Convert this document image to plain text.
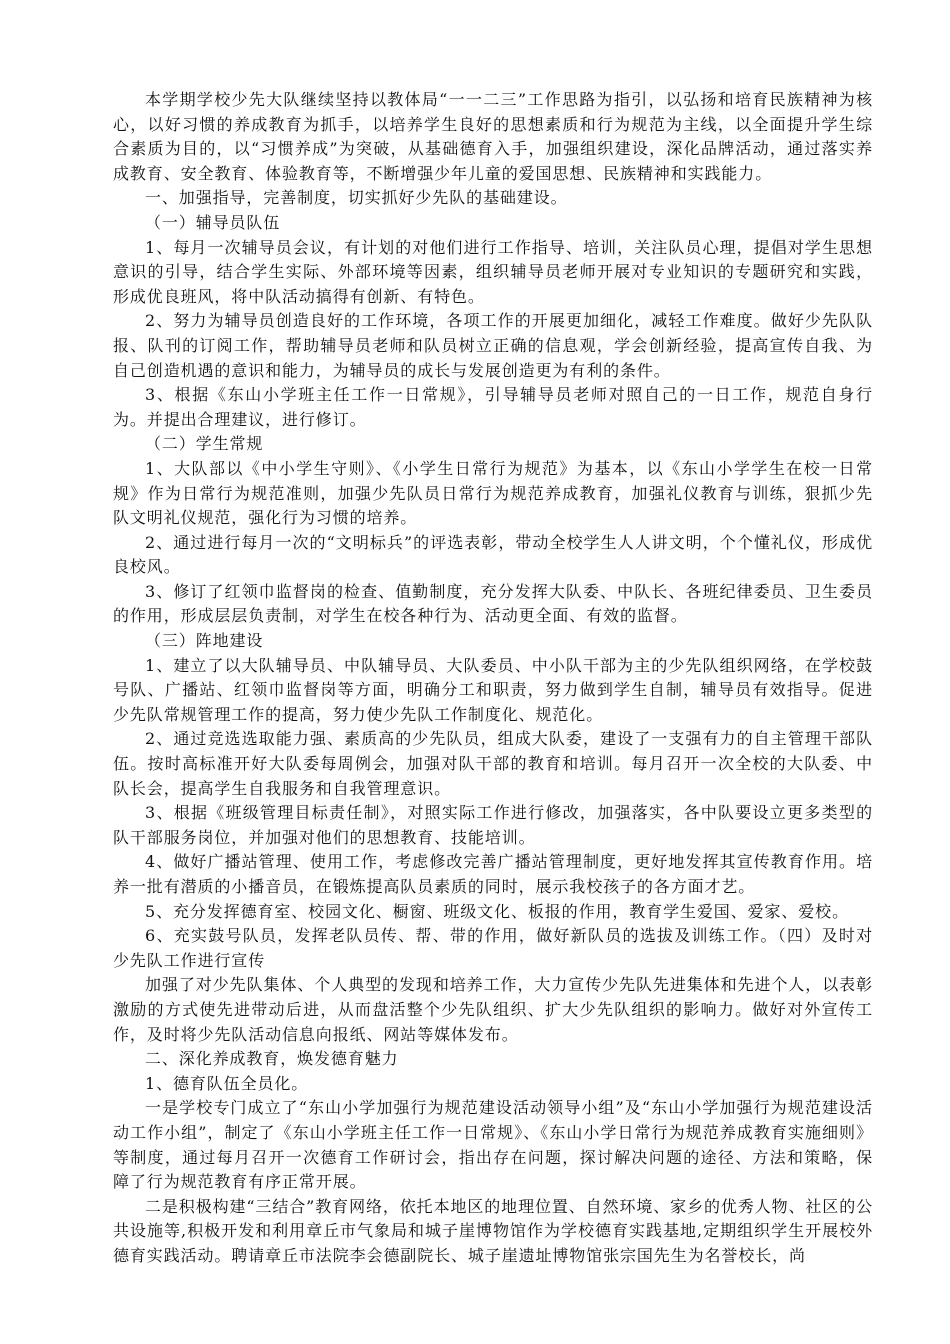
本学期学校少先大队继续坚持以教体局“一一二三”工作思路为指引，以弘扬和培育民族精神为核心，以好习惯的养成教育为抓手，以培养学生良好的思想素质和行为规范为主线，以全面提升学生综合素质为目的，以“习惯养成”为突破，从基础德育入手，加强组织建设，深化品牌活动，通过落实养成教育、安全教育、体验教育等，不断增强少年儿童的爱国思想、民族精神和实践能力。

一、加强指导，完善制度，切实抓好少先队的基础建设。

（一）辅导员队伍

1、每月一次辅导员会议，有计划的对他们进行工作指导、培训，关注队员心理，提倡对学生思想意识的引导，结合学生实际、外部环境等因素，组织辅导员老师开展对专业知识的专题研究和实践，形成优良班风，将中队活动搞得有创新、有特色。

2、努力为辅导员创造良好的工作环境，各项工作的开展更加细化，减轻工作难度。做好少先队队报、队刊的订阅工作，帮助辅导员老师和队员树立正确的信息观，学会创新经验，提高宣传自我、为自己创造机遇的意识和能力，为辅导员的成长与发展创造更为有利的条件。

3、根据《东山小学班主任工作一日常规》，引导辅导员老师对照自己的一日工作，规范自身行为。并提出合理建议，进行修订。

（二）学生常规

1、大队部以《中小学生守则》、《小学生日常行为规范》为基本，以《东山小学学生在校一日常规》作为日常行为规范准则，加强少先队员日常行为规范养成教育，加强礼仪教育与训练，狠抓少先队文明礼仪规范，强化行为习惯的培养。

2、通过进行每月一次的“文明标兵”的评选表彰，带动全校学生人人讲文明，个个懂礼仪，形成优良校风。

3、修订了红领巾监督岗的检查、值勤制度，充分发挥大队委、中队长、各班纪律委员、卫生委员的作用，形成层层负责制，对学生在校各种行为、活动更全面、有效的监督。

（三）阵地建设

1、建立了以大队辅导员、中队辅导员、大队委员、中小队干部为主的少先队组织网络，在学校鼓号队、广播站、红领巾监督岗等方面，明确分工和职责，努力做到学生自制，辅导员有效指导。促进少先队常规管理工作的提高，努力使少先队工作制度化、规范化。

2、通过竞选选取能力强、素质高的少先队员，组成大队委，建设了一支强有力的自主管理干部队伍。按时高标准开好大队委每周例会，加强对队干部的教育和培训。每月召开一次全校的大队委、中队长会，提高学生自我服务和自我管理意识。

3、根据《班级管理目标责任制》，对照实际工作进行修改，加强落实，各中队要设立更多类型的队干部服务岗位，并加强对他们的思想教育、技能培训。

4、做好广播站管理、使用工作，考虑修改完善广播站管理制度，更好地发挥其宣传教育作用。培养一批有潜质的小播音员，在锻炼提高队员素质的同时，展示我校孩子的各方面才艺。

5、充分发挥德育室、校园文化、橱窗、班级文化、板报的作用，教育学生爱国、爱家、爱校。

6、充实鼓号队员，发挥老队员传、帮、带的作用，做好新队员的选拔及训练工作。（四）及时对少先队工作进行宣传

加强了对少先队集体、个人典型的发现和培养工作，大力宣传少先队先进集体和先进个人，以表彰激励的方式使先进带动后进，从而盘活整个少先队组织、扩大少先队组织的影响力。做好对外宣传工作，及时将少先队活动信息向报纸、网站等媒体发布。

二、深化养成教育，焕发德育魅力

1、德育队伍全员化。

一是学校专门成立了“东山小学加强行为规范建设活动领导小组”及“东山小学加强行为规范建设活动工作小组”，制定了《东山小学班主任工作一日常规》、《东山小学日常行为规范养成教育实施细则》等制度，通过每月召开一次德育工作研讨会，指出存在问题，探讨解决问题的途径、方法和策略，保障了行为规范教育有序正常开展。

二是积极构建“三结合”教育网络，依托本地区的地理位置、自然环境、家乡的优秀人物、社区的公共设施等,积极开发和利用章丘市气象局和城子崖博物馆作为学校德育实践基地,定期组织学生开展校外德育实践活动。聘请章丘市法院李会德副院长、城子崖遗址博物馆张宗国先生为名誉校长，尚
